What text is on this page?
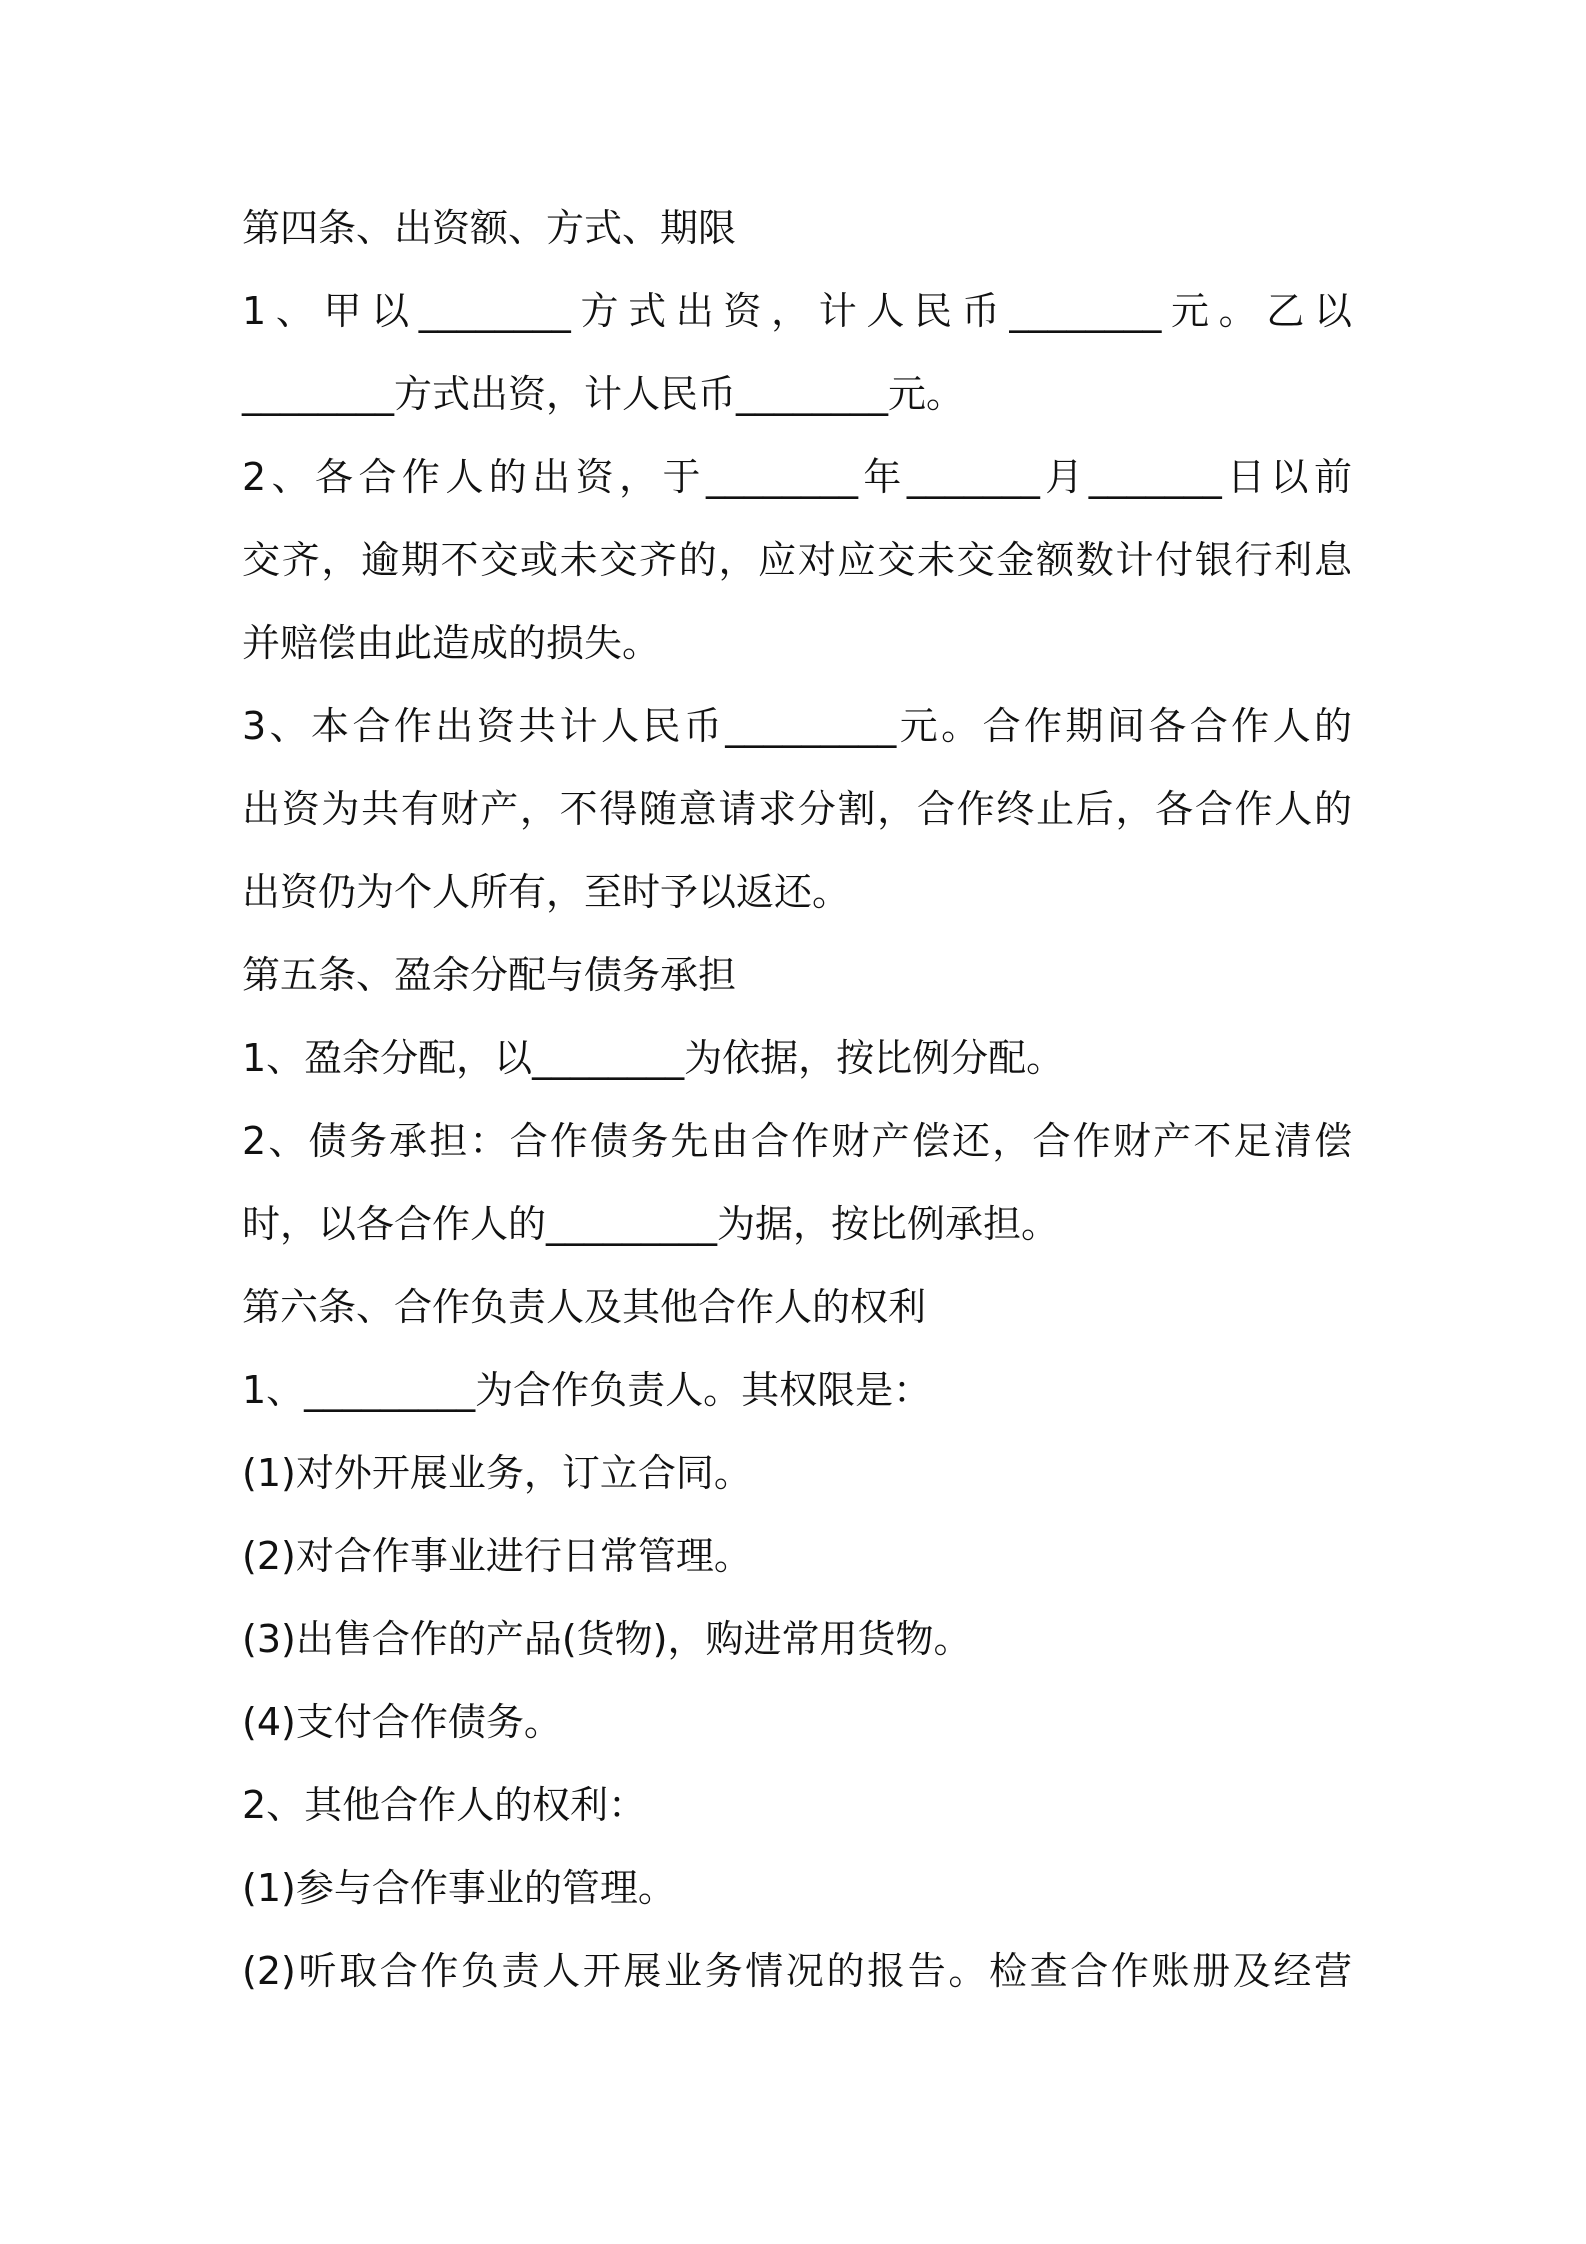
第四条、出资额、方式、期限
1、甲以________方式出资，计人民币________元。乙以
________方式出资，计人民币________元。
2、各合作人的出资，于________年_______月_______日以前
交齐，逾期不交或未交齐的，应对应交未交金额数计付银行利息
并赔偿由此造成的损失。
3、本合作出资共计人民币_________元。合作期间各合作人的
出资为共有财产，不得随意请求分割，合作终止后，各合作人的
出资仍为个人所有，至时予以返还。
第五条、盈余分配与债务承担
1、盈余分配，以________为依据，按比例分配。
2、债务承担：合作债务先由合作财产偿还，合作财产不足清偿
时，以各合作人的_________为据，按比例承担。
第六条、合作负责人及其他合作人的权利
1、_________为合作负责人。其权限是：
(1)对外开展业务，订立合同。
(2)对合作事业进行日常管理。
(3)出售合作的产品(货物)，购进常用货物。
(4)支付合作债务。
2、其他合作人的权利：
(1)参与合作事业的管理。
(2)听取合作负责人开展业务情况的报告。检查合作账册及经营
